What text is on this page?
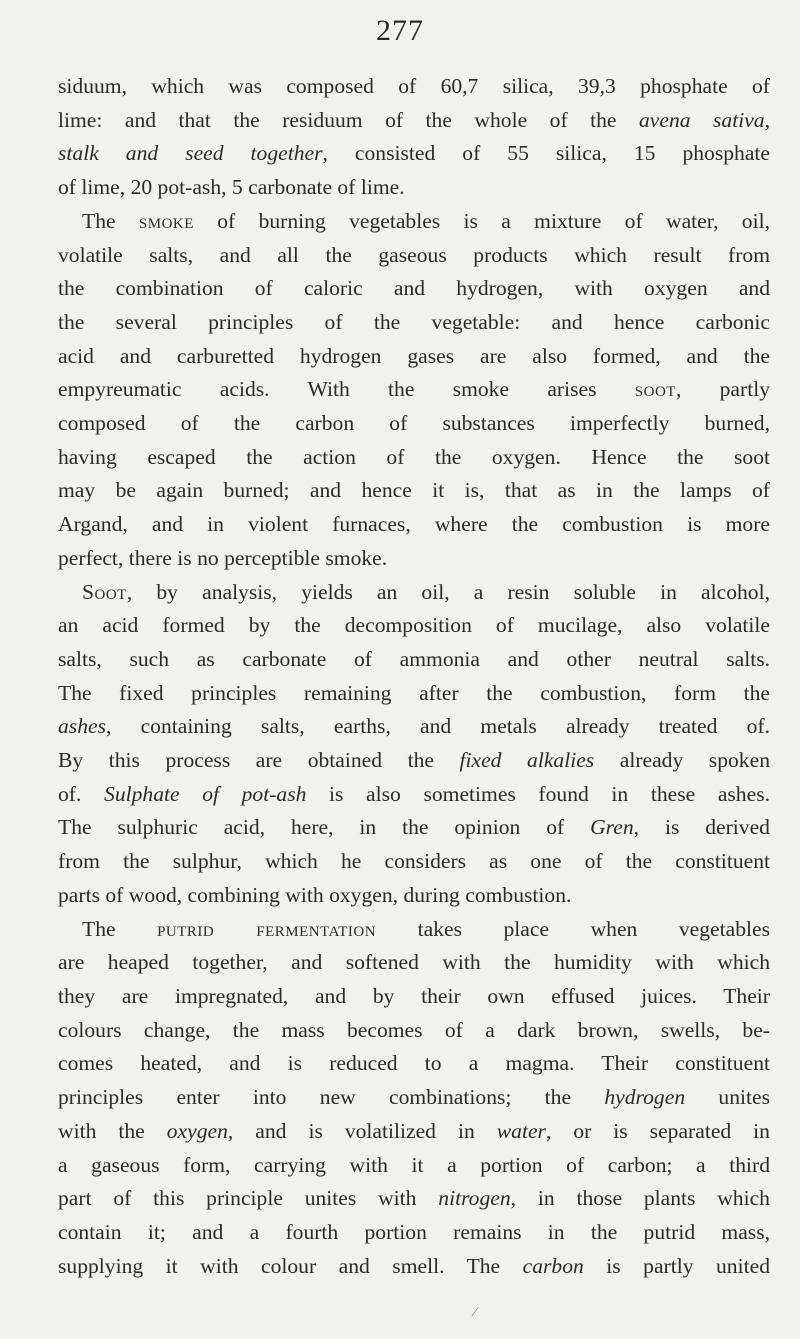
277
siduum, which was composed of 60,7 silica, 39,3 phosphate of
lime: and that the residuum of the whole of the avena sativa,
stalk and seed together, consisted of 55 silica, 15 phosphate
of lime, 20 pot-ash, 5 carbonate of lime.
The smoke of burning vegetables is a mixture of water, oil,
volatile salts, and all the gaseous products which result from
the combination of caloric and hydrogen, with oxygen and
the several principles of the vegetable: and hence carbonic
acid and carburetted hydrogen gases are also formed, and the
empyreumatic acids. With the smoke arises soot, partly
composed of the carbon of substances imperfectly burned,
having escaped the action of the oxygen. Hence the soot
may be again burned; and hence it is, that as in the lamps of
Argand, and in violent furnaces, where the combustion is more
perfect, there is no perceptible smoke.
Soot, by analysis, yields an oil, a resin soluble in alcohol,
an acid formed by the decomposition of mucilage, also volatile
salts, such as carbonate of ammonia and other neutral salts.
The fixed principles remaining after the combustion, form the
ashes, containing salts, earths, and metals already treated of.
By this process are obtained the fixed alkalies already spoken
of. Sulphate of pot-ash is also sometimes found in these ashes.
The sulphuric acid, here, in the opinion of Gren, is derived
from the sulphur, which he considers as one of the constituent
parts of wood, combining with oxygen, during combustion.
The putrid fermentation takes place when vegetables
are heaped together, and softened with the humidity with which
they are impregnated, and by their own effused juices. Their
colours change, the mass becomes of a dark brown, swells, be-
comes heated, and is reduced to a magma. Their constituent
principles enter into new combinations; the hydrogen unites
with the oxygen, and is volatilized in water, or is separated in
a gaseous form, carrying with it a portion of carbon; a third
part of this principle unites with nitrogen, in those plants which
contain it; and a fourth portion remains in the putrid mass,
supplying it with colour and smell. The carbon is partly united
⁄
